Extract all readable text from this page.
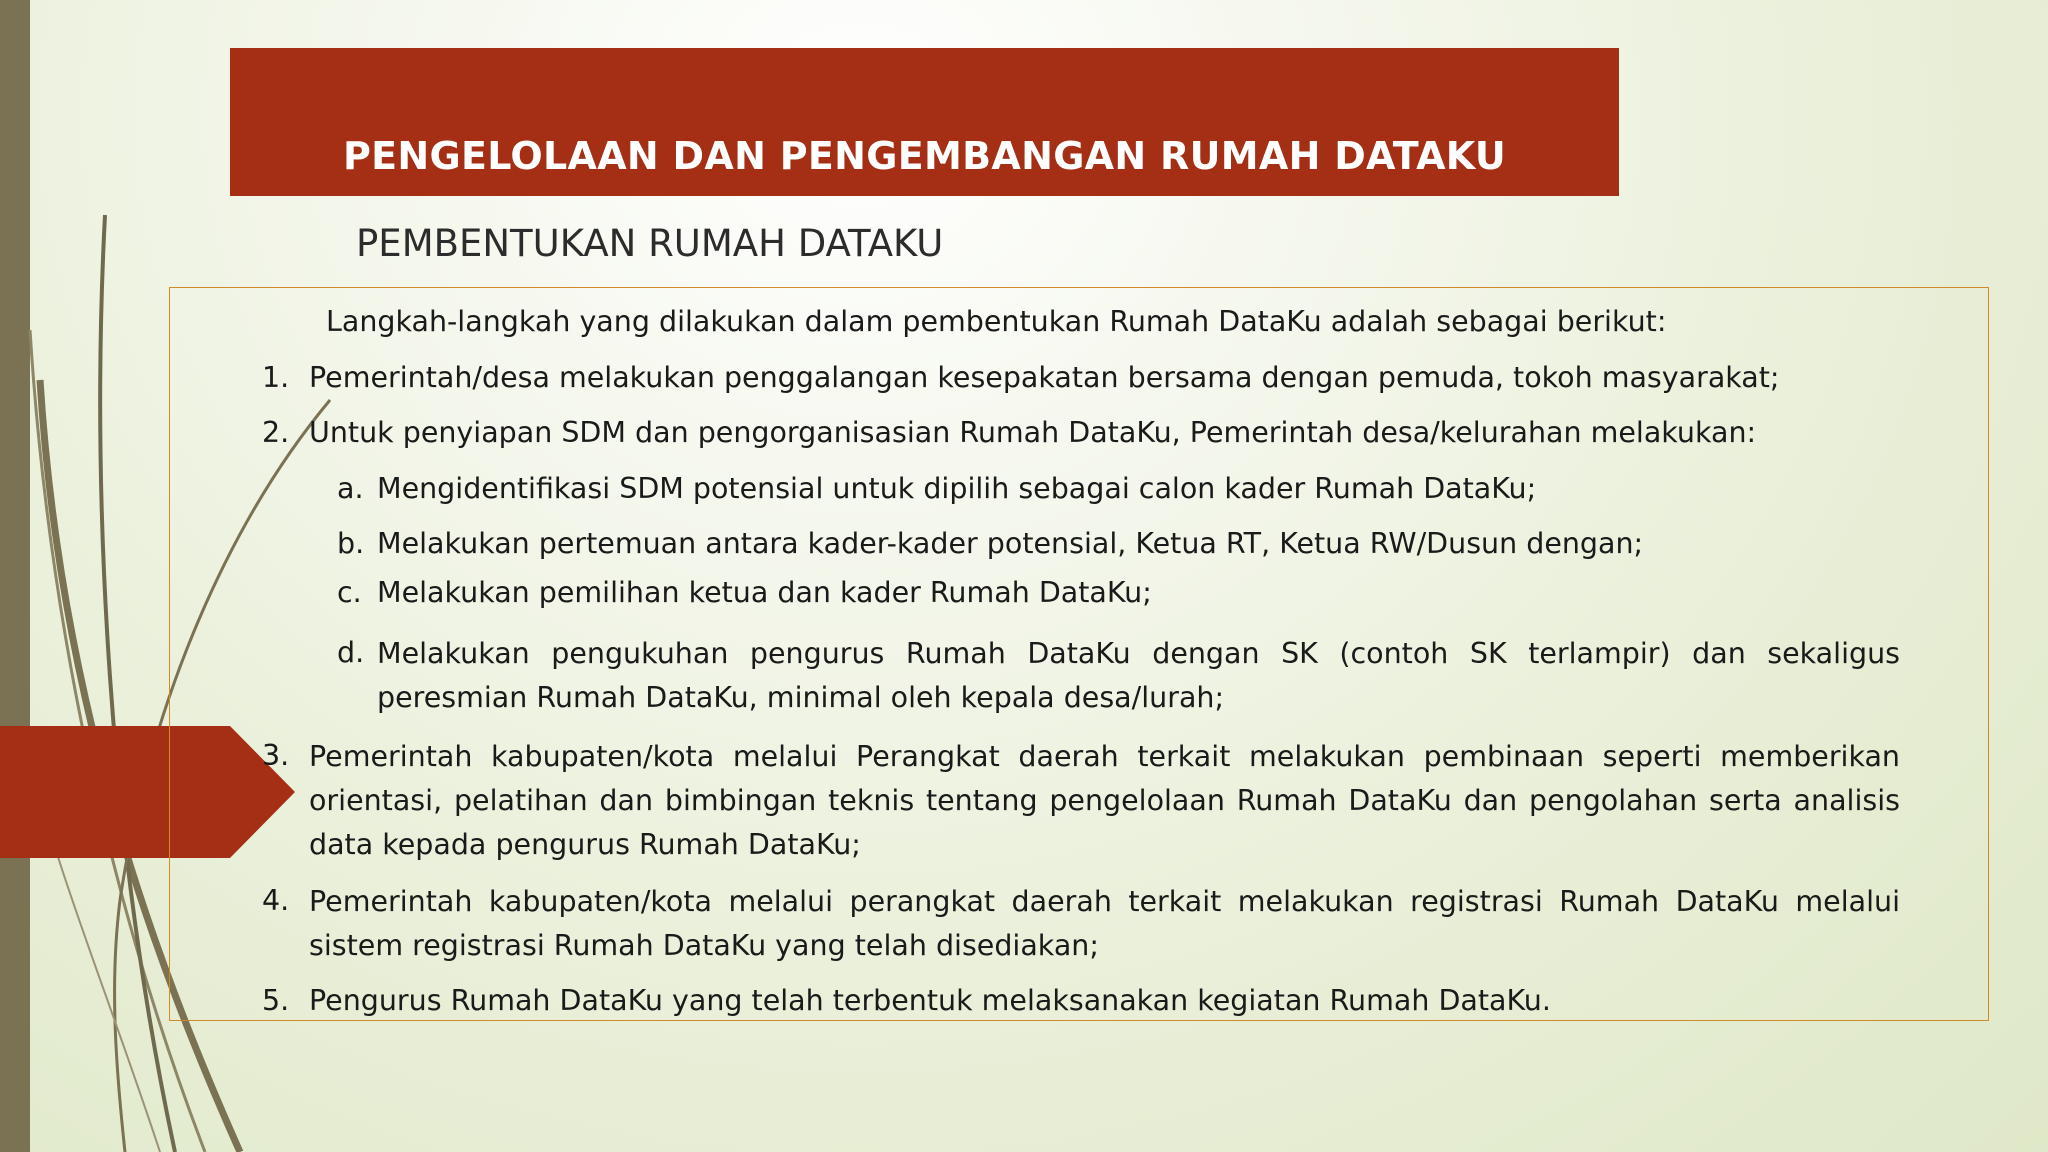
PENGELOLAAN DAN PENGEMBANGAN RUMAH DATAKU
PEMBENTUKAN RUMAH DATAKU
Langkah-langkah yang dilakukan dalam pembentukan Rumah DataKu adalah sebagai berikut:
1. Pemerintah/desa melakukan penggalangan kesepakatan bersama dengan pemuda, tokoh masyarakat;
2. Untuk penyiapan SDM dan pengorganisasian Rumah DataKu, Pemerintah desa/kelurahan melakukan:
a. Mengidentifikasi SDM potensial untuk dipilih sebagai calon kader Rumah DataKu;
b. Melakukan pertemuan antara kader-kader potensial, Ketua RT, Ketua RW/Dusun dengan;
c. Melakukan pemilihan ketua dan kader Rumah DataKu;
d. Melakukan pengukuhan pengurus Rumah DataKu dengan SK (contoh SK terlampir) dan sekaligus peresmian Rumah DataKu, minimal oleh kepala desa/lurah;
3. Pemerintah kabupaten/kota melalui Perangkat daerah terkait melakukan pembinaan seperti memberikan orientasi, pelatihan dan bimbingan teknis tentang pengelolaan Rumah DataKu dan pengolahan serta analisis data kepada pengurus Rumah DataKu;
4. Pemerintah kabupaten/kota melalui perangkat daerah terkait melakukan registrasi Rumah DataKu melalui sistem registrasi Rumah DataKu yang telah disediakan;
5. Pengurus Rumah DataKu yang telah terbentuk melaksanakan kegiatan Rumah DataKu.
